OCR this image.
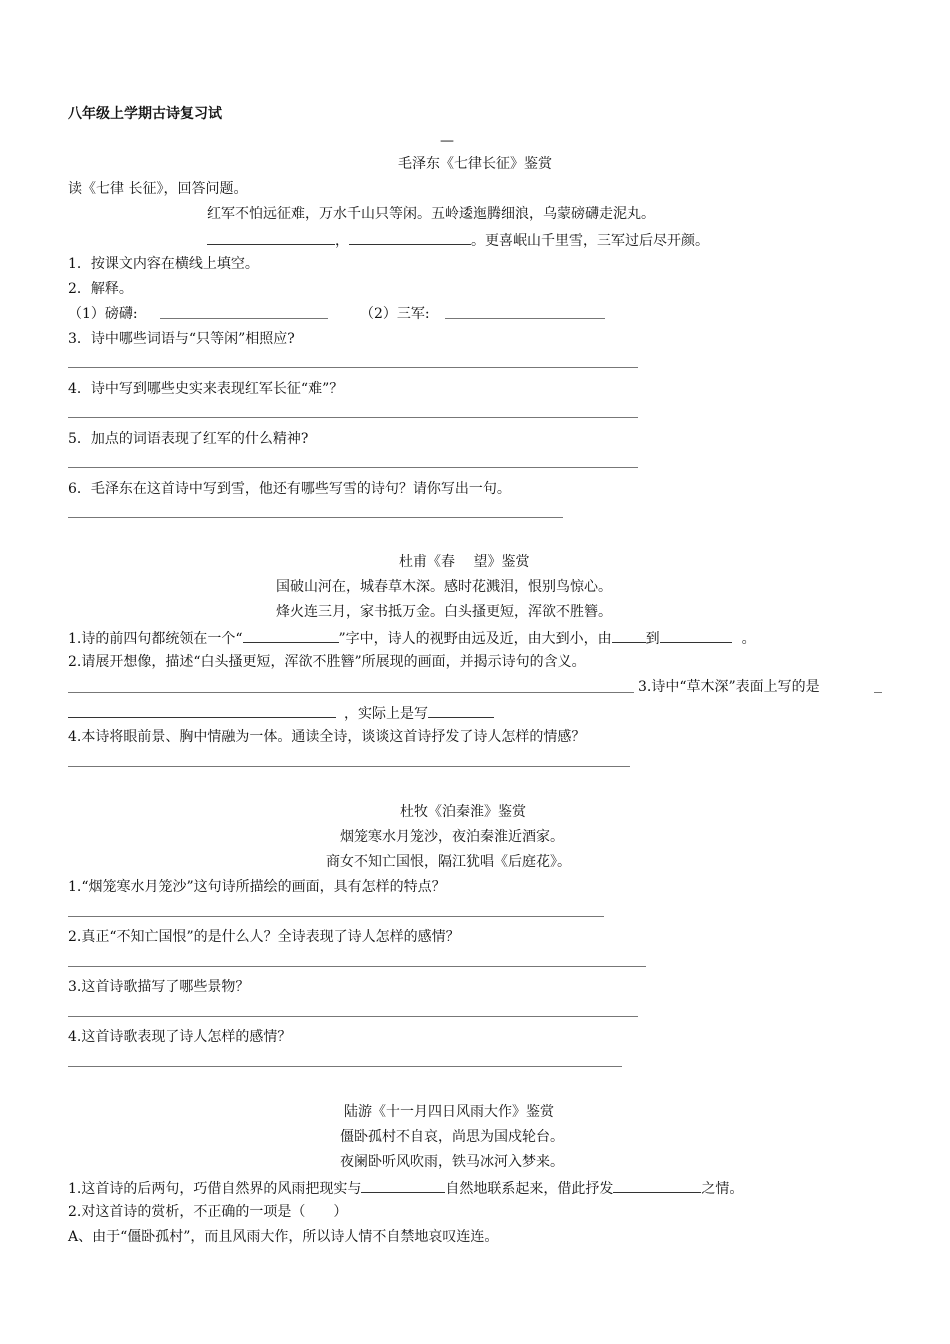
八年级上学期古诗复习试
—
毛泽东《七律长征》鉴赏
读《七律 长征》，回答问题。
红军不怕远征难，万水千山只等闲。五岭逶迤腾细浪，乌蒙磅礴走泥丸。
，	。更喜岷山千里雪，三军过后尽开颜。
1．按课文内容在横线上填空。
2．解释。
（1）磅礴:	（2）三军:
3．诗中哪些词语与“只等闲”相照应?
4．诗中写到哪些史实来表现红军长征“难”？
5．加点的词语表现了红军的什么精神?
6．毛泽东在这首诗中写到雪，他还有哪些写雪的诗句？请你写出一句。
杜甫《春　 望》鉴赏
国破山河在，城春草木深。感时花溅泪，恨别鸟惊心。
烽火连三月，家书抵万金。白头搔更短，浑欲不胜簪。
1.诗的前四句都统领在一个“	”字中，诗人的视野由远及近，由大到小，由 到	。
2.请展开想像，描述“白头搔更短，浑欲不胜簪”所展现的画面，并揭示诗句的含义。
3.诗中“草木深”表面上写的是
，实际上是写
4.本诗将眼前景、胸中情融为一体。通读全诗，谈谈这首诗抒发了诗人怎样的情感？
杜牧《泊秦淮》鉴赏
烟笼寒水月笼沙，夜泊秦淮近酒家。
商女不知亡国恨，隔江犹唱《后庭花》。
1.“烟笼寒水月笼沙”这句诗所描绘的画面，具有怎样的特点？
2.真正“不知亡国恨”的是什么人？全诗表现了诗人怎样的感情？
3.这首诗歌描写了哪些景物？
4.这首诗歌表现了诗人怎样的感情？
陆游《十一月四日风雨大作》鉴赏
僵卧孤村不自哀，尚思为国戍轮台。
夜阑卧听风吹雨，铁马冰河入梦来。
1.这首诗的后两句，巧借自然界的风雨把现实与	自然地联系起来，借此抒发	之情。
2.对这首诗的赏析，不正确的一项是（　　）
A、由于“僵卧孤村”，而且风雨大作，所以诗人情不自禁地哀叹连连。
